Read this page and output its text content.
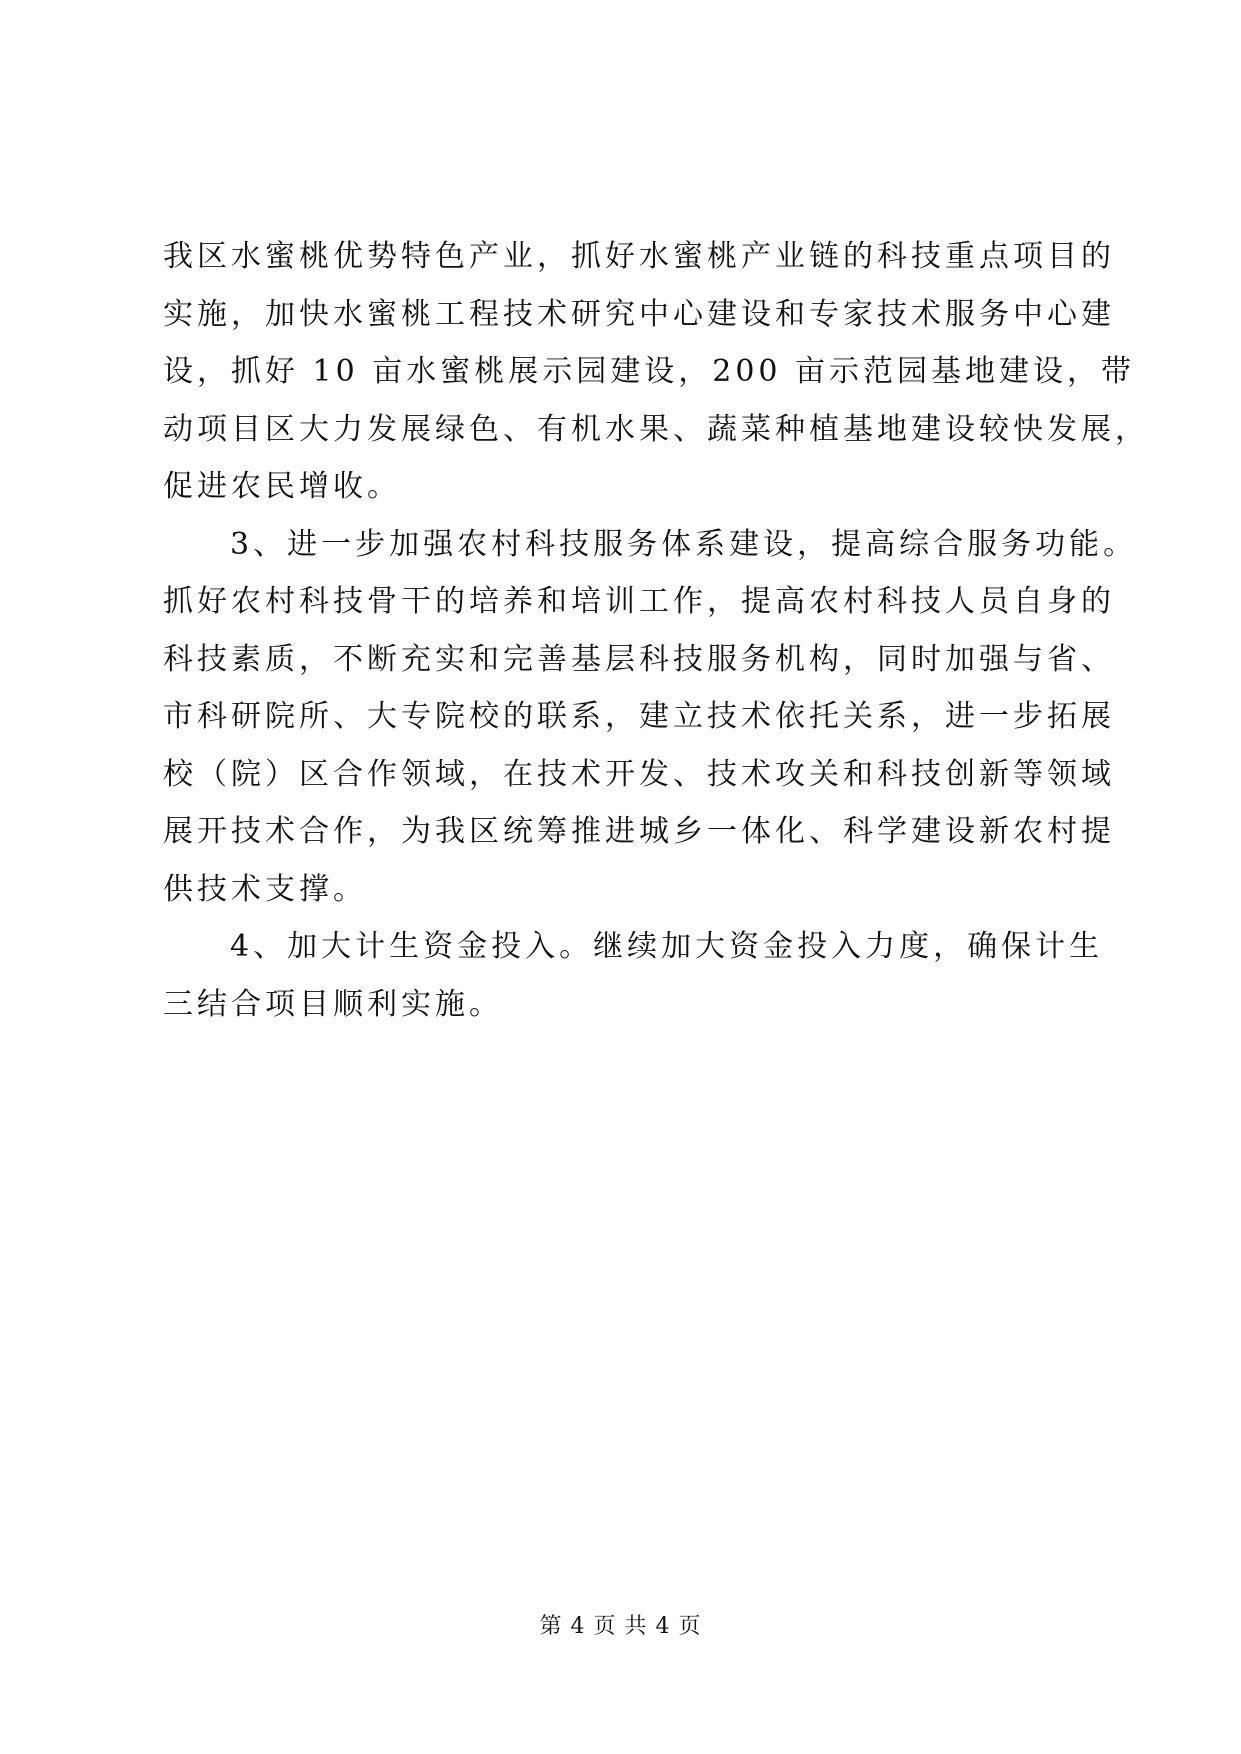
我区水蜜桃优势特色产业，抓好水蜜桃产业链的科技重点项目的
实施，加快水蜜桃工程技术研究中心建设和专家技术服务中心建
设，抓好 10 亩水蜜桃展示园建设，200 亩示范园基地建设，带
动项目区大力发展绿色、有机水果、蔬菜种植基地建设较快发展，
促进农民增收。
3、进一步加强农村科技服务体系建设，提高综合服务功能。
抓好农村科技骨干的培养和培训工作，提高农村科技人员自身的
科技素质，不断充实和完善基层科技服务机构，同时加强与省、
市科研院所、大专院校的联系，建立技术依托关系，进一步拓展
校（院）区合作领域，在技术开发、技术攻关和科技创新等领域
展开技术合作，为我区统筹推进城乡一体化、科学建设新农村提
供技术支撑。
4、加大计生资金投入。继续加大资金投入力度，确保计生
三结合项目顺利实施。
第 4 页 共 4 页
